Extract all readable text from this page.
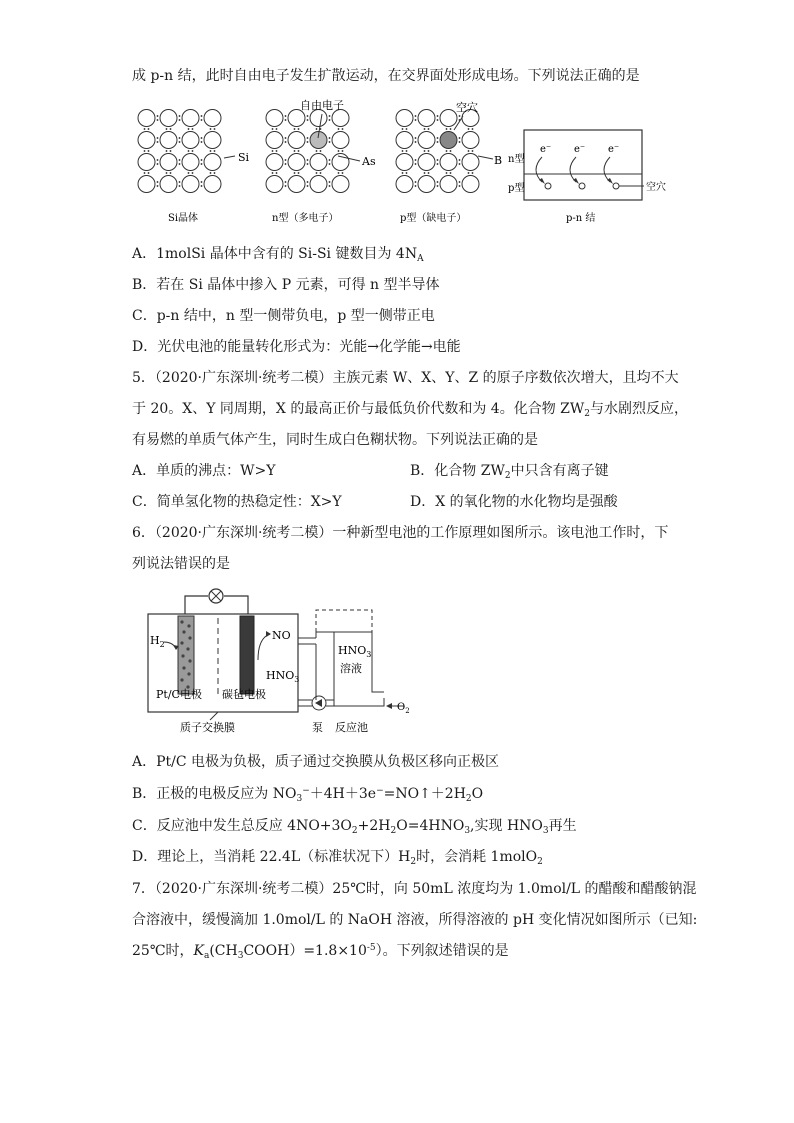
成 p-n 结，此时自由电子发生扩散运动，在交界面处形成电场。下列说法正确的是
Si
自由电子
As
空穴
B n型
p型
e⁻ e⁻ e⁻
空穴
Si晶体	n型（多电子）	p型（缺电子）	p-n 结
A．1molSi 晶体中含有的 Si-Si 键数目为 $4N_A$
B．若在 Si 晶体中掺入 P 元素，可得 n 型半导体
C．p-n 结中，n 型一侧带负电，p 型一侧带正电
D．光伏电池的能量转化形式为：光能→化学能→电能
5．（2020·广东深圳·统考二模）主族元素 W、X、Y、Z 的原子序数依次增大，且均不大
于 20。X、Y 同周期，X 的最高正价与最低负价代数和为 4。化合物 $ZW_2$与水剧烈反应，
有易燃的单质气体产生，同时生成白色糊状物。下列说法正确的是
A．单质的沸点：W>Y	B．化合物 $ZW_2$中只含有离子键
C．简单氢化物的热稳定性：X>Y	D．X 的氧化物的水化物均是强酸
6．（2020·广东深圳·统考二模）一种新型电池的工作原理如图所示。该电池工作时，下
列说法错误的是
$H_2$
NO
$HNO_3$
$HNO_3$
溶液
$O_2$
Pt/C电极 碳毡电极
质子交换膜	泵 反应池
A．Pt/C 电极为负极，质子通过交换膜从负极区移向正极区
B．正极的电极反应为 $NO_3^-+4H+3e^-=NO↑+2H_2O$
C．反应池中发生总反应 $4NO+3O_2+2H_2O=4HNO_3$,实现 $HNO_3$再生
D．理论上，当消耗 22.4L（标准状况下）$H_2$时，会消耗 1molO$_2$
7．（2020·广东深圳·统考二模）25℃时，向 50mL 浓度均为 1.0mol/L 的醋酸和醋酸钠混
合溶液中，缓慢滴加 1.0mol/L 的 NaOH 溶液，所得溶液的 pH 变化情况如图所示（已知:
25℃时，$K_a(CH_3COOH)=1.8\times 10^{-5}$）。下列叙述错误的是
